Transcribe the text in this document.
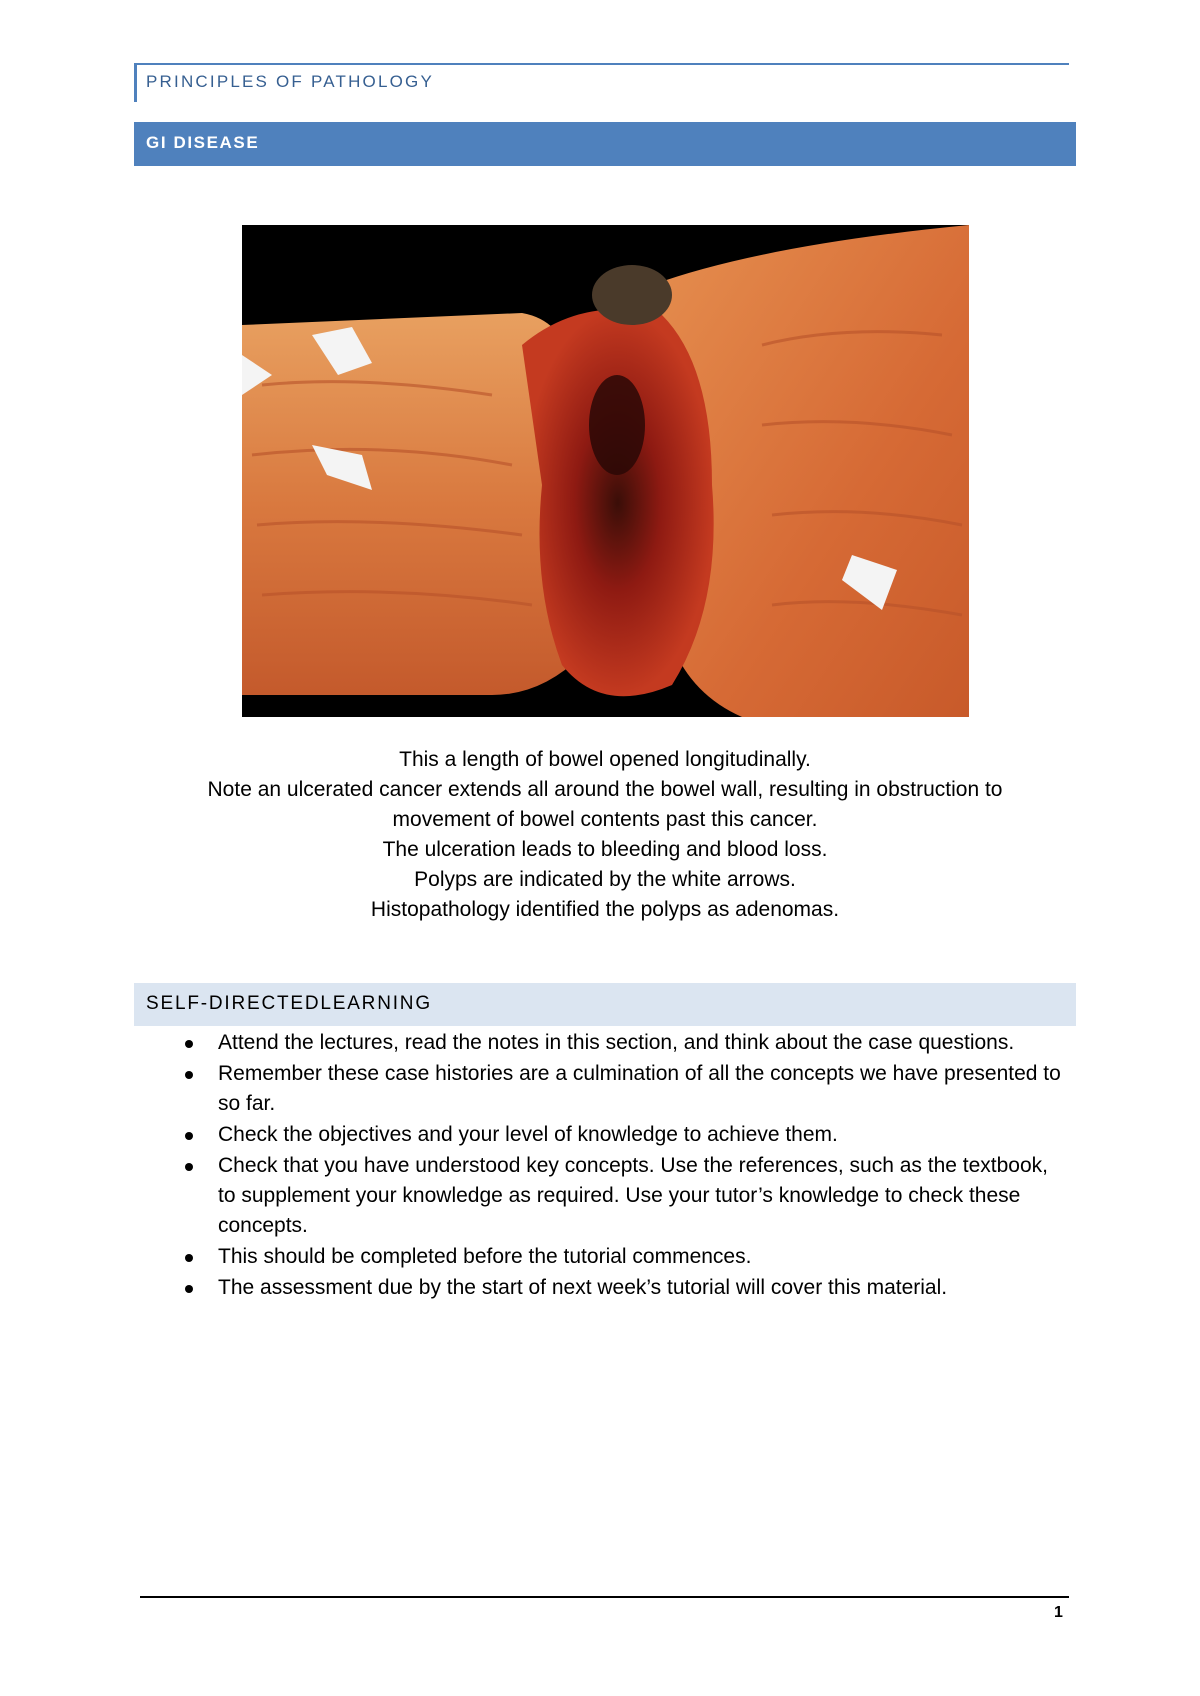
PRINCIPLES OF PATHOLOGY
GI DISEASE

This a length of bowel opened longitudinally.

Note an ulcerated cancer extends all around the bowel wall, resulting in obstruction to

movement of bowel contents past this cancer.

The ulceration leads to bleeding and blood loss.

Polyps are indicated by the white arrows.

Histopathology identified the polyps as adenomas.

SELF-DIRECTEDLEARNING
Attend the lectures, read the notes in this section, and think about the case questions.
Remember these case histories are a culmination of all the concepts we have presented to so far.
Check the objectives and your level of knowledge to achieve them.
Check that you have understood key concepts. Use the references, such as the textbook, to supplement your knowledge as required. Use your tutor’s knowledge to check these concepts.
This should be completed before the tutorial commences.
The assessment due by the start of next week’s tutorial will cover this material.
1
